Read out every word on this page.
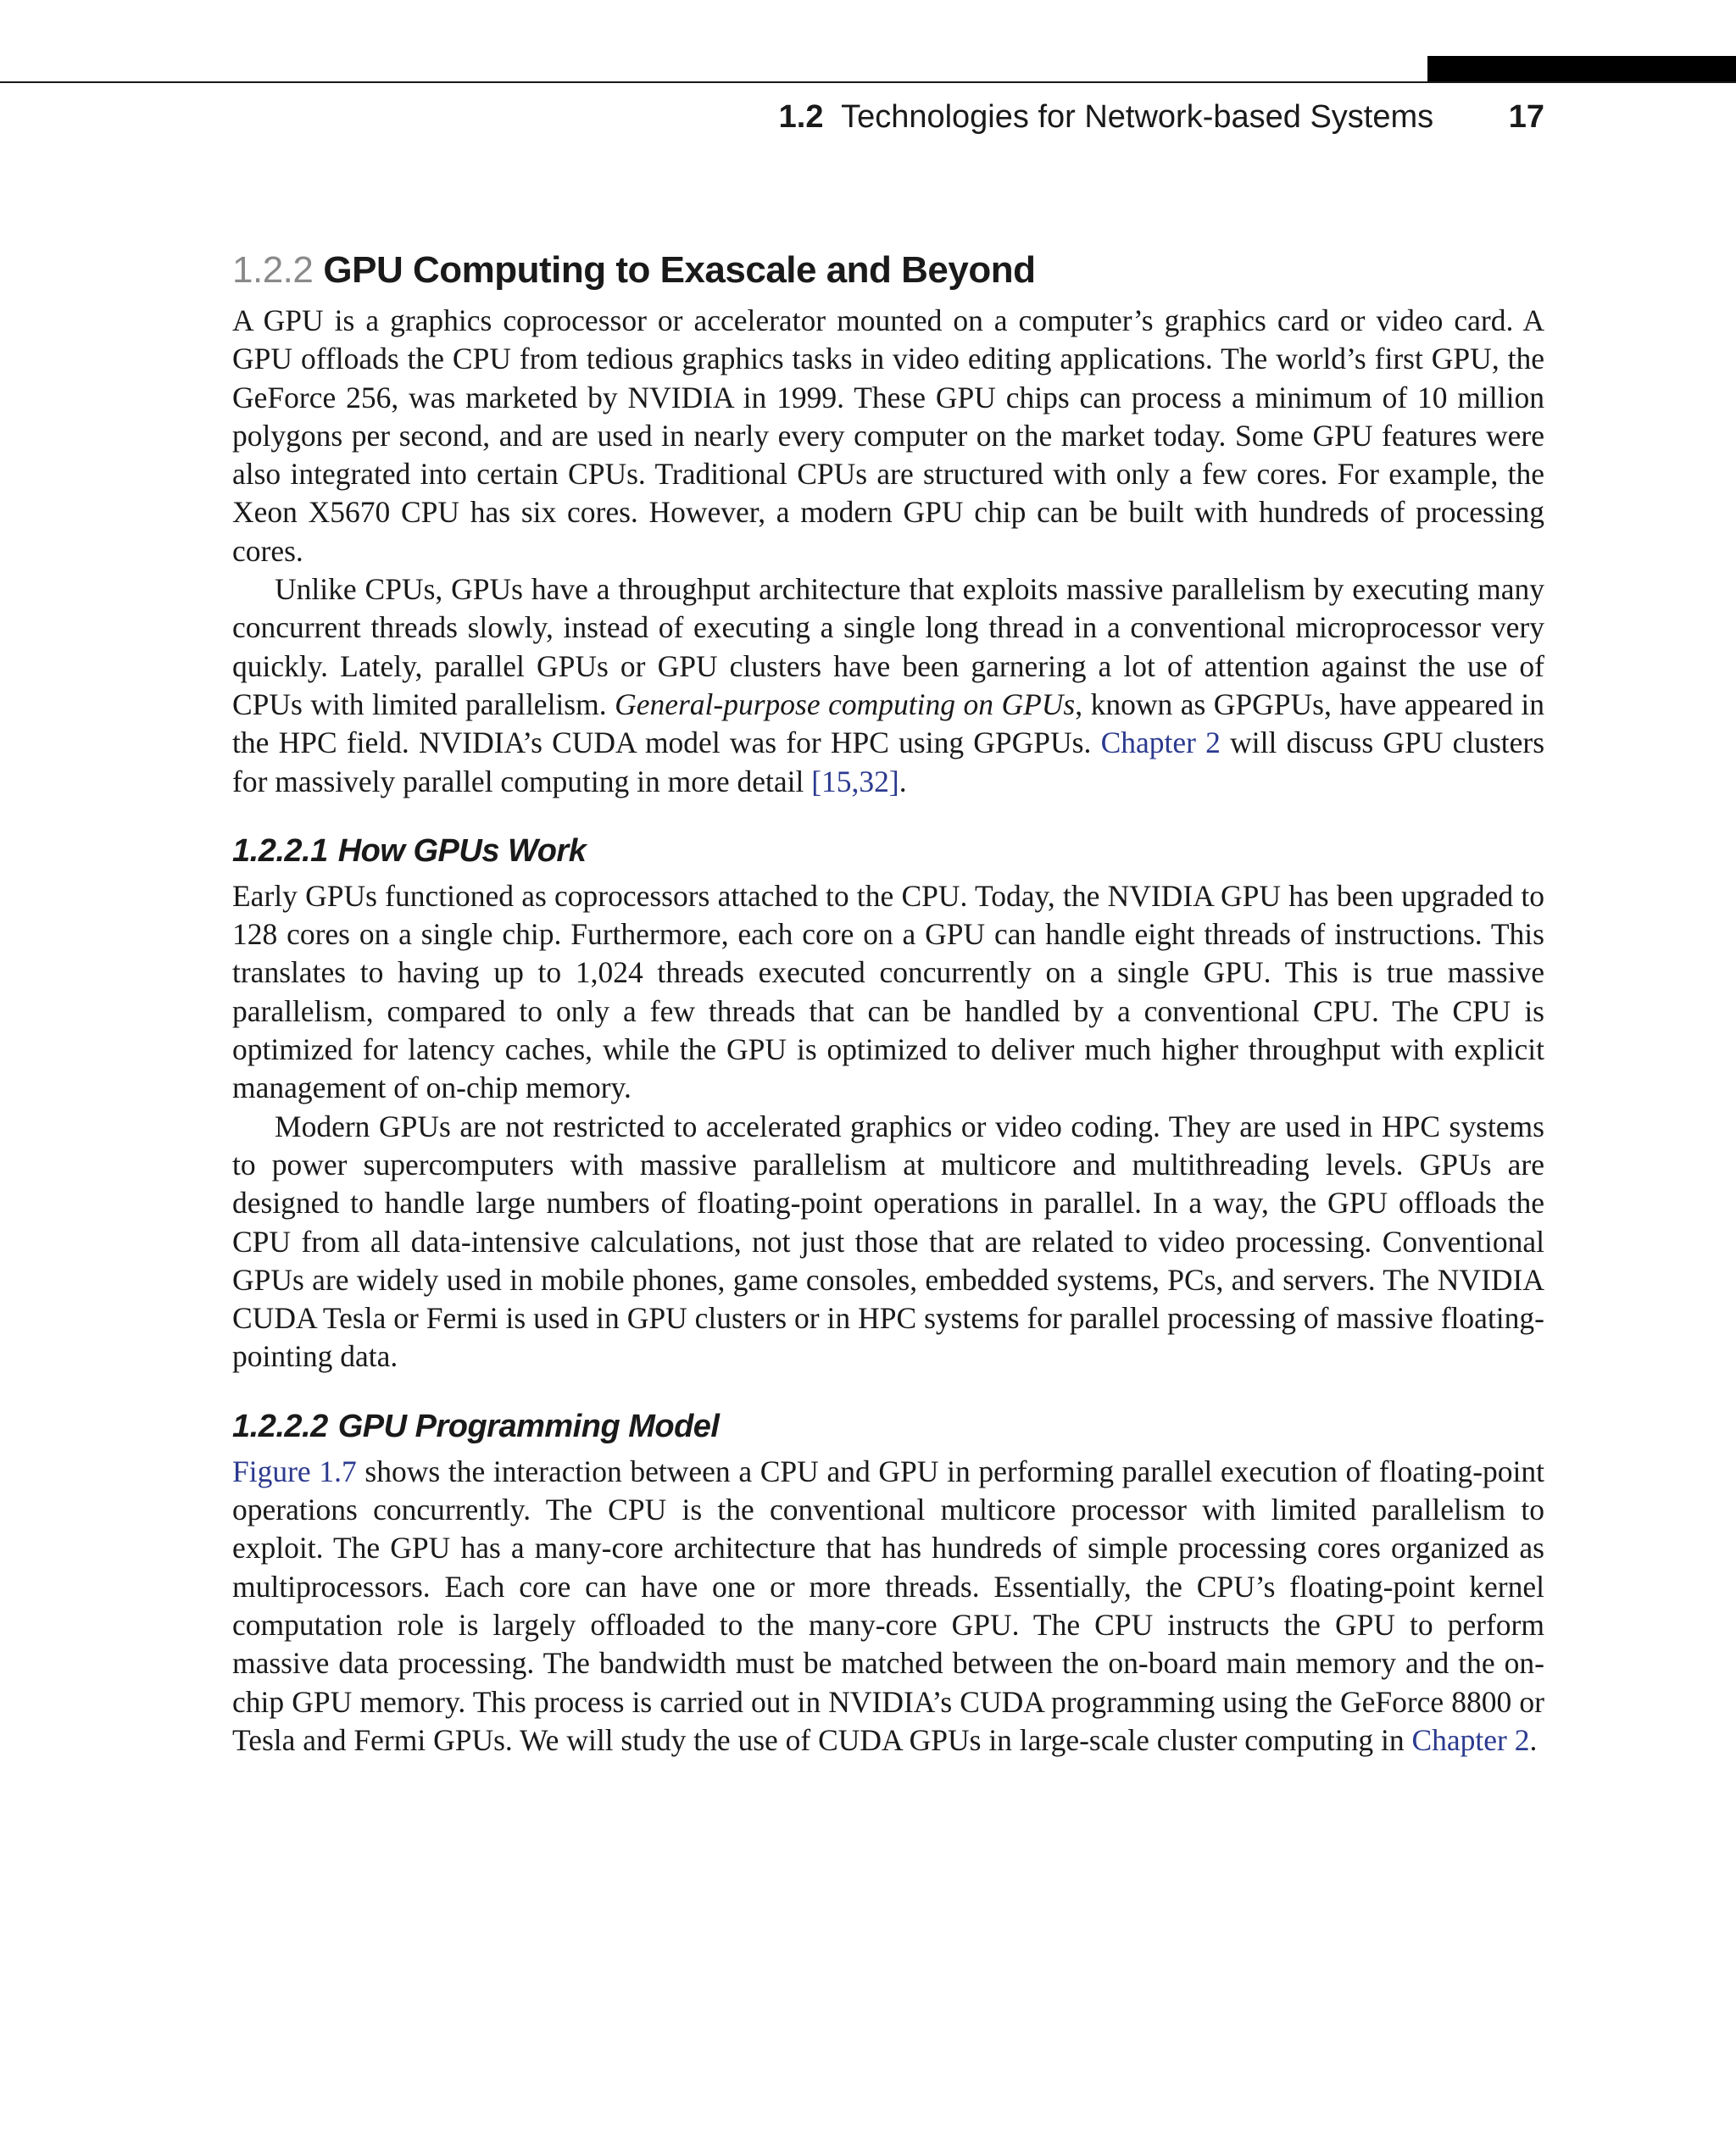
1.2 Technologies for Network-based Systems 17
1.2.2 GPU Computing to Exascale and Beyond

A GPU is a graphics coprocessor or accelerator mounted on a computer’s graphics card or video card. A GPU offloads the CPU from tedious graphics tasks in video editing applications. The world’s first GPU, the GeForce 256, was marketed by NVIDIA in 1999. These GPU chips can process a minimum of 10 million polygons per second, and are used in nearly every computer on the market today. Some GPU features were also integrated into certain CPUs. Traditional CPUs are structured with only a few cores. For example, the Xeon X5670 CPU has six cores. However, a modern GPU chip can be built with hundreds of processing cores.

Unlike CPUs, GPUs have a throughput architecture that exploits massive parallelism by executing many concurrent threads slowly, instead of executing a single long thread in a conventional microprocessor very quickly. Lately, parallel GPUs or GPU clusters have been garnering a lot of attention against the use of CPUs with limited parallelism. General-purpose computing on GPUs, known as GPGPUs, have appeared in the HPC field. NVIDIA’s CUDA model was for HPC using GPGPUs. Chapter 2 will discuss GPU clusters for massively parallel computing in more detail [15,32].

1.2.2.1 How GPUs Work

Early GPUs functioned as coprocessors attached to the CPU. Today, the NVIDIA GPU has been upgraded to 128 cores on a single chip. Furthermore, each core on a GPU can handle eight threads of instructions. This translates to having up to 1,024 threads executed concurrently on a single GPU. This is true massive parallelism, compared to only a few threads that can be handled by a conventional CPU. The CPU is optimized for latency caches, while the GPU is optimized to deliver much higher throughput with explicit management of on-chip memory.

Modern GPUs are not restricted to accelerated graphics or video coding. They are used in HPC systems to power supercomputers with massive parallelism at multicore and multithreading levels. GPUs are designed to handle large numbers of floating-point operations in parallel. In a way, the GPU offloads the CPU from all data-intensive calculations, not just those that are related to video processing. Conventional GPUs are widely used in mobile phones, game consoles, embedded systems, PCs, and servers. The NVIDIA CUDA Tesla or Fermi is used in GPU clusters or in HPC systems for parallel processing of massive floating-pointing data.

1.2.2.2 GPU Programming Model

Figure 1.7 shows the interaction between a CPU and GPU in performing parallel execution of floating-point operations concurrently. The CPU is the conventional multicore processor with limited parallelism to exploit. The GPU has a many-core architecture that has hundreds of simple processing cores organized as multiprocessors. Each core can have one or more threads. Essentially, the CPU’s floating-point kernel computation role is largely offloaded to the many-core GPU. The CPU instructs the GPU to perform massive data processing. The bandwidth must be matched between the on-board main memory and the on-chip GPU memory. This process is carried out in NVIDIA’s CUDA programming using the GeForce 8800 or Tesla and Fermi GPUs. We will study the use of CUDA GPUs in large-scale cluster computing in Chapter 2.
